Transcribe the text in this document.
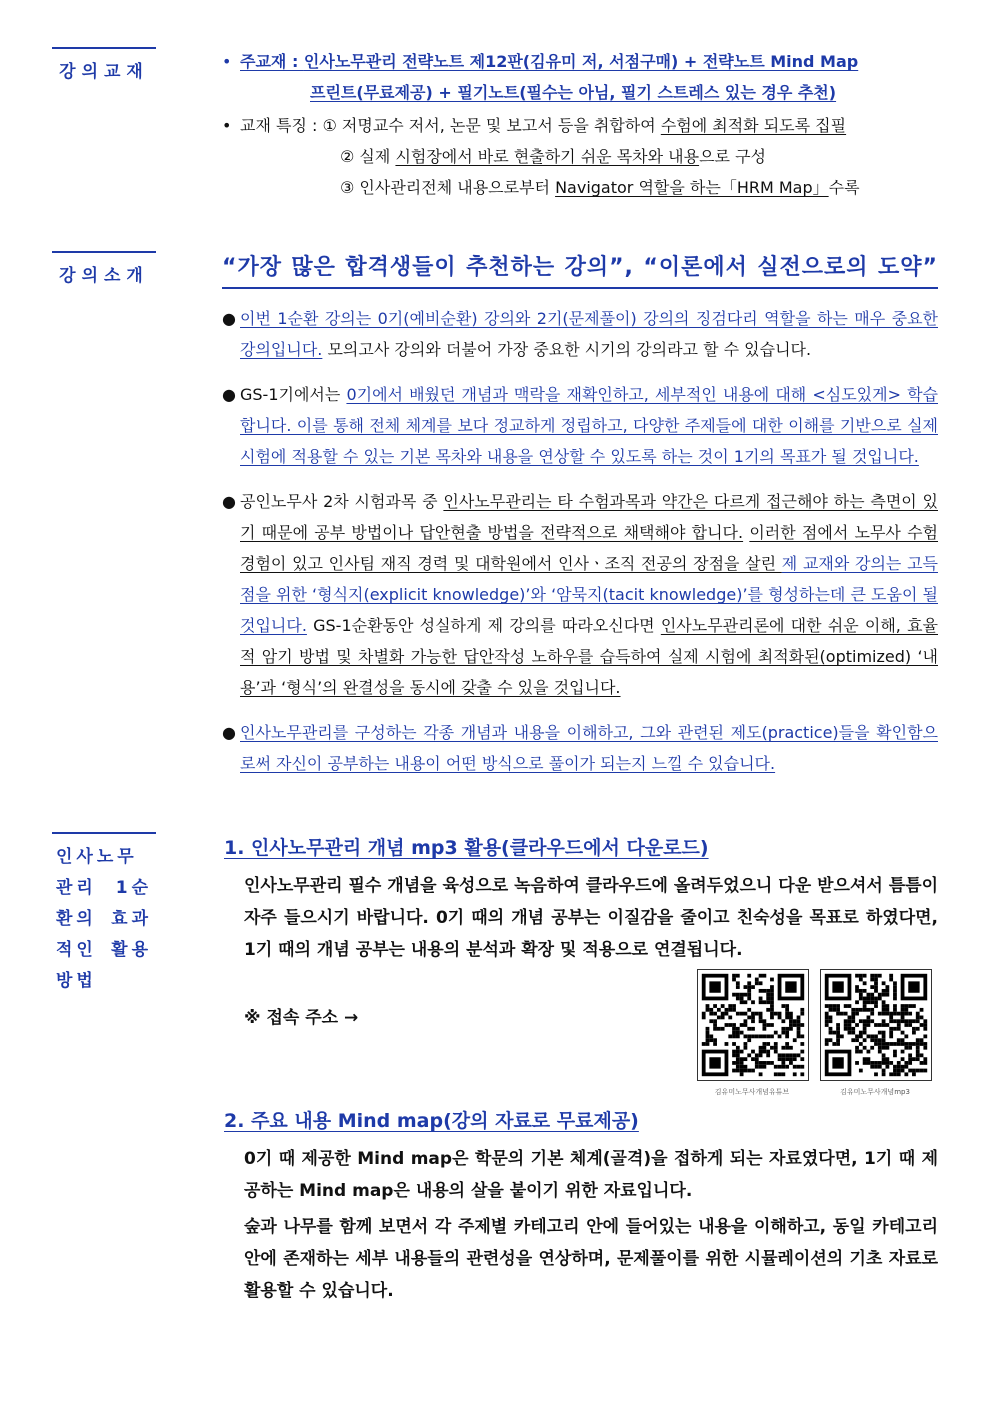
강의교재
• 주교재 : 인사노무관리 전략노트 제12판(김유미 저, 서점구매) + 전략노트 Mind Map
프린트(무료제공) + 필기노트(필수는 아님, 필기 스트레스 있는 경우 추천)
• 교재 특징 : ① 저명교수 저서, 논문 및 보고서 등을 취합하여 수험에 최적화 되도록 집필
② 실제 시험장에서 바로 현출하기 쉬운 목차와 내용으로 구성
③ 인사관리전체 내용으로부터 Navigator 역할을 하는「HRM Map」수록
강의소개	“가장 많은 합격생들이 추천하는 강의”, “이론에서 실전으로의 도약”
● 이번 1순환 강의는 0기(예비순환) 강의와 2기(문제풀이) 강의의 징검다리 역할을 하는 매우 중요한 강의입니다. 모의고사 강의와 더불어 가장 중요한 시기의 강의라고 할 수 있습니다.
● GS-1기에서는 0기에서 배웠던 개념과 맥락을 재확인하고, 세부적인 내용에 대해 <심도있게> 학습합니다. 이를 통해 전체 체계를 보다 정교하게 정립하고, 다양한 주제들에 대한 이해를 기반으로 실제 시험에 적용할 수 있는 기본 목차와 내용을 연상할 수 있도록 하는 것이 1기의 목표가 될 것입니다.
● 공인노무사 2차 시험과목 중 인사노무관리는 타 수험과목과 약간은 다르게 접근해야 하는 측면이 있기 때문에 공부 방법이나 답안현출 방법을 전략적으로 채택해야 합니다. 이러한 점에서 노무사 수험 경험이 있고 인사팀 재직 경력 및 대학원에서 인사ㆍ조직 전공의 장점을 살린 제 교재와 강의는 고득점을 위한 ‘형식지(explicit knowledge)’와 ‘암묵지(tacit knowledge)’를 형성하는데 큰 도움이 될 것입니다. GS-1순환동안 성실하게 제 강의를 따라오신다면 인사노무관리론에 대한 쉬운 이해, 효율적 암기 방법 및 차별화 가능한 답안작성 노하우를 습득하여 실제 시험에 최적화된(optimized) ‘내용’과 ‘형식’의 완결성을 동시에 갖출 수 있을 것입니다.
● 인사노무관리를 구성하는 각종 개념과 내용을 이해하고, 그와 관련된 제도(practice)들을 확인함으로써 자신이 공부하는 내용이 어떤 방식으로 풀이가 되는지 느낄 수 있습니다.
인사노무관리 1순환의 효과적인 활용방법
1. 인사노무관리 개념 mp3 활용(클라우드에서 다운로드)
인사노무관리 필수 개념을 육성으로 녹음하여 클라우드에 올려두었으니 다운 받으셔서 틈틈이 자주 들으시기 바랍니다. 0기 때의 개념 공부는 이질감을 줄이고 친숙성을 목표로 하였다면, 1기 때의 개념 공부는 내용의 분석과 확장 및 적용으로 연결됩니다.
※ 접속 주소 →
김유미노무사개념유튜브	김유미노무사개념mp3
2. 주요 내용 Mind map(강의 자료로 무료제공)
0기 때 제공한 Mind map은 학문의 기본 체계(골격)을 접하게 되는 자료였다면, 1기 때 제공하는 Mind map은 내용의 살을 붙이기 위한 자료입니다.
숲과 나무를 함께 보면서 각 주제별 카테고리 안에 들어있는 내용을 이해하고, 동일 카테고리 안에 존재하는 세부 내용들의 관련성을 연상하며, 문제풀이를 위한 시뮬레이션의 기초 자료로 활용할 수 있습니다.
